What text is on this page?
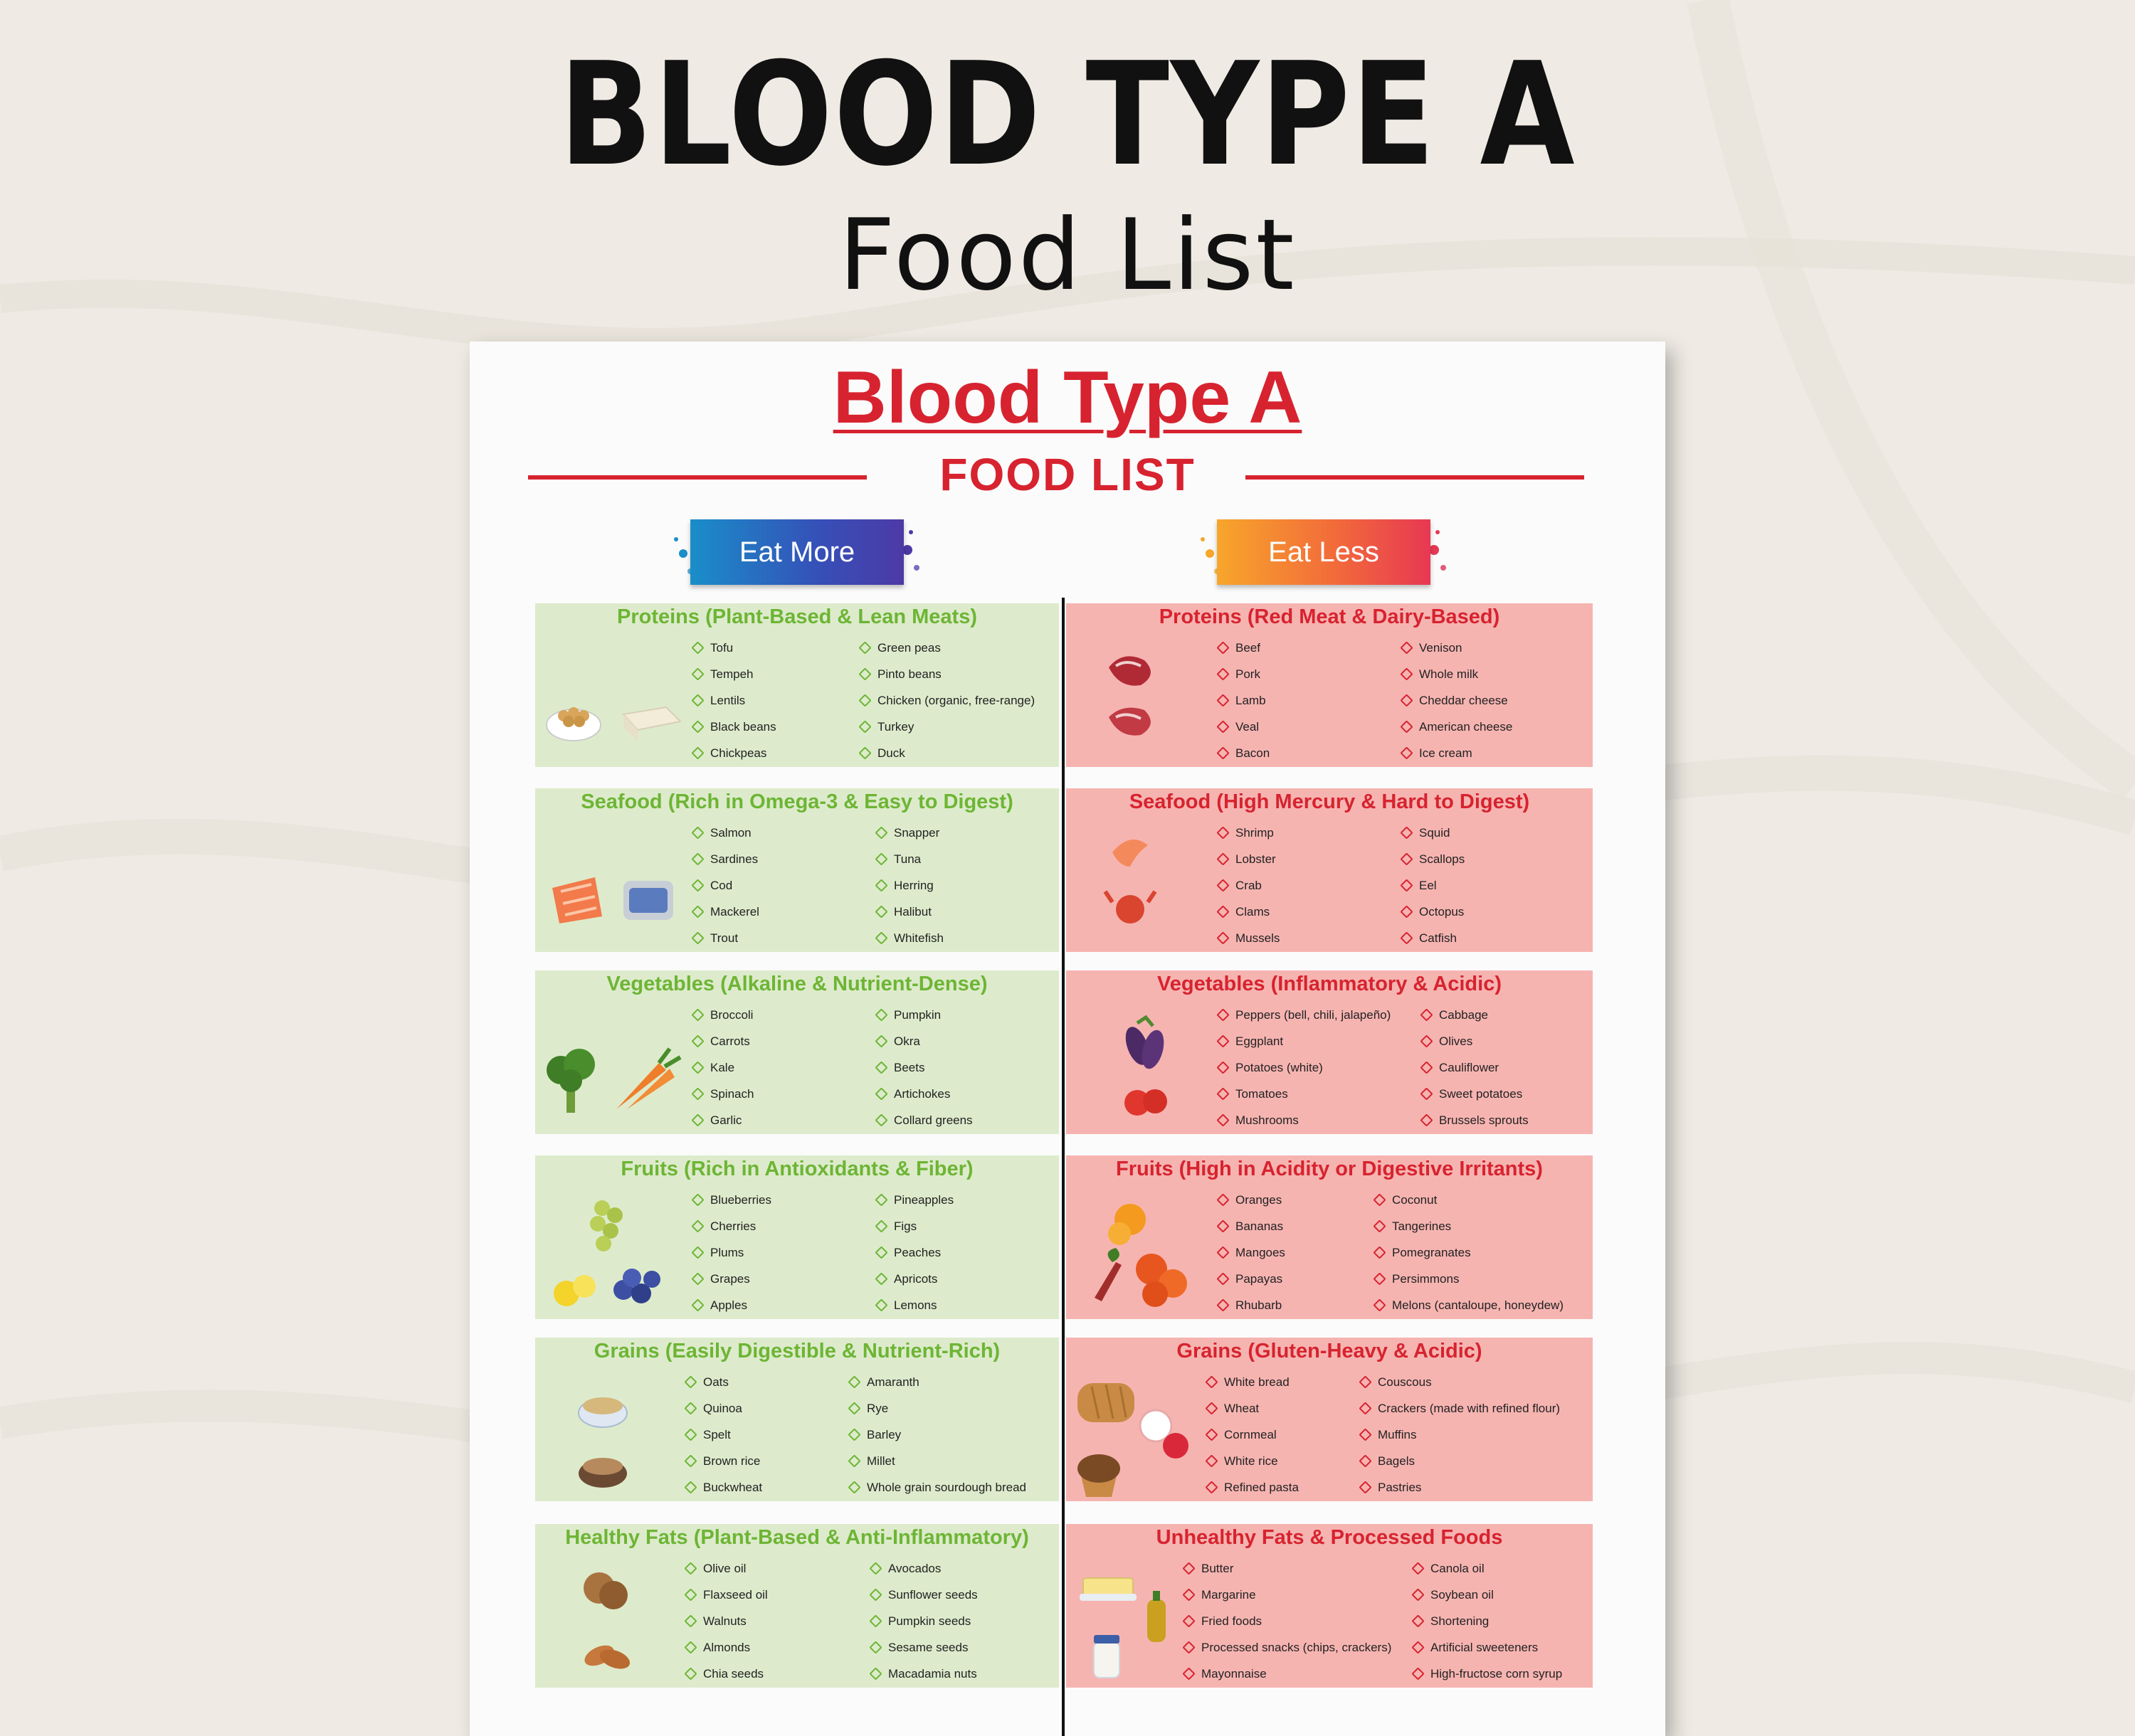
BLOOD TYPE A
Food List
Blood Type A
FOOD LIST
Eat More	Eat Less
Proteins (Plant-Based & Lean Meats)
Tofu
Tempeh
Lentils
Black beans
Chickpeas
Green peas
Pinto beans
Chicken (organic, free-range)
Turkey
Duck
Seafood (Rich in Omega-3 & Easy to Digest)
Salmon
Sardines
Cod
Mackerel
Trout
Snapper
Tuna
Herring
Halibut
Whitefish
Vegetables (Alkaline & Nutrient-Dense)
Broccoli
Carrots
Kale
Spinach
Garlic
Pumpkin
Okra
Beets
Artichokes
Collard greens
Fruits (Rich in Antioxidants & Fiber)
Blueberries
Cherries
Plums
Grapes
Apples
Pineapples
Figs
Peaches
Apricots
Lemons
Grains (Easily Digestible & Nutrient-Rich)
Oats
Quinoa
Spelt
Brown rice
Buckwheat
Amaranth
Rye
Barley
Millet
Whole grain sourdough bread
Healthy Fats (Plant-Based & Anti-Inflammatory)
Olive oil
Flaxseed oil
Walnuts
Almonds
Chia seeds
Avocados
Sunflower seeds
Pumpkin seeds
Sesame seeds
Macadamia nuts
Proteins (Red Meat & Dairy-Based)
Beef
Pork
Lamb
Veal
Bacon
Venison
Whole milk
Cheddar cheese
American cheese
Ice cream
Seafood (High Mercury & Hard to Digest)
Shrimp
Lobster
Crab
Clams
Mussels
Squid
Scallops
Eel
Octopus
Catfish
Vegetables (Inflammatory & Acidic)
Peppers (bell, chili, jalapeño)
Eggplant
Potatoes (white)
Tomatoes
Mushrooms
Cabbage
Olives
Cauliflower
Sweet potatoes
Brussels sprouts
Fruits (High in Acidity or Digestive Irritants)
Oranges
Bananas
Mangoes
Papayas
Rhubarb
Coconut
Tangerines
Pomegranates
Persimmons
Melons (cantaloupe, honeydew)
Grains (Gluten-Heavy & Acidic)
White bread
Wheat
Cornmeal
White rice
Refined pasta
Couscous
Crackers (made with refined flour)
Muffins
Bagels
Pastries
Unhealthy Fats & Processed Foods
Butter
Margarine
Fried foods
Processed snacks (chips, crackers)
Mayonnaise
Canola oil
Soybean oil
Shortening
Artificial sweeteners
High-fructose corn syrup
